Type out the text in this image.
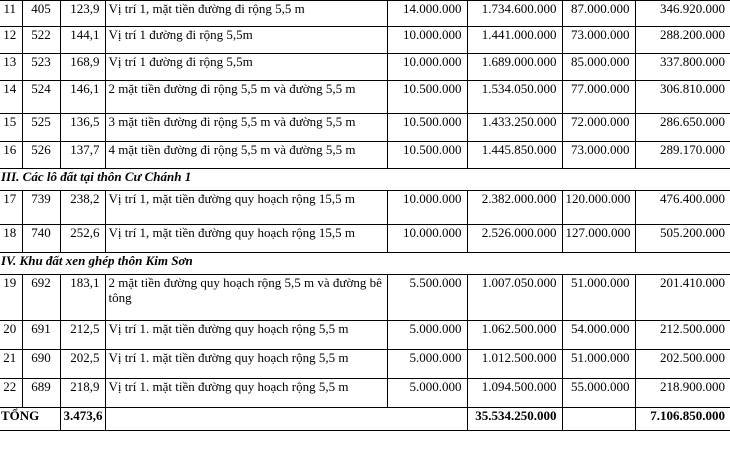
11	405	123,9	Vị trí 1, mặt tiền đường đi rộng 5,5 m	14.000.000	1.734.600.000	87.000.000	346.920.000
12	522	144,1	Vị trí 1 đường đi rộng 5,5m	10.000.000	1.441.000.000	73.000.000	288.200.000
13	523	168,9	Vị trí 1 đường đi rộng 5,5m	10.000.000	1.689.000.000	85.000.000	337.800.000
14	524	146,1	2 mặt tiền đường đi rộng 5,5 m và đường 5,5 m	10.500.000	1.534.050.000	77.000.000	306.810.000
15	525	136,5	3 mặt tiền đường đi rộng 5,5 m và đường 5,5 m	10.500.000	1.433.250.000	72.000.000	286.650.000
16	526	137,7	4 mặt tiền đường đi rộng 5,5 m và đường 5,5 m	10.500.000	1.445.850.000	73.000.000	289.170.000
III. Các lô đất tại thôn Cư Chánh 1							
17	739	238,2	Vị trí 1, mặt tiền đường quy hoạch rộng 15,5 m	10.000.000	2.382.000.000	120.000.000	476.400.000
18	740	252,6	Vị trí 1, mặt tiền đường quy hoạch rộng 15,5 m	10.000.000	2.526.000.000	127.000.000	505.200.000
IV. Khu đất xen ghép thôn Kim Sơn							
19	692	183,1	2 mặt tiền đường quy hoạch rộng 5,5 m và đường bê tông	5.500.000	1.007.050.000	51.000.000	201.410.000
20	691	212,5	Vị trí 1. mặt tiền đường quy hoạch rộng 5,5 m	5.000.000	1.062.500.000	54.000.000	212.500.000
21	690	202,5	Vị trí 1. mặt tiền đường quy hoạch rộng 5,5 m	5.000.000	1.012.500.000	51.000.000	202.500.000
22	689	218,9	Vị trí 1. mặt tiền đường quy hoạch rộng 5,5 m	5.000.000	1.094.500.000	55.000.000	218.900.000
TỔNG		3.473,6			35.534.250.000		7.106.850.000
